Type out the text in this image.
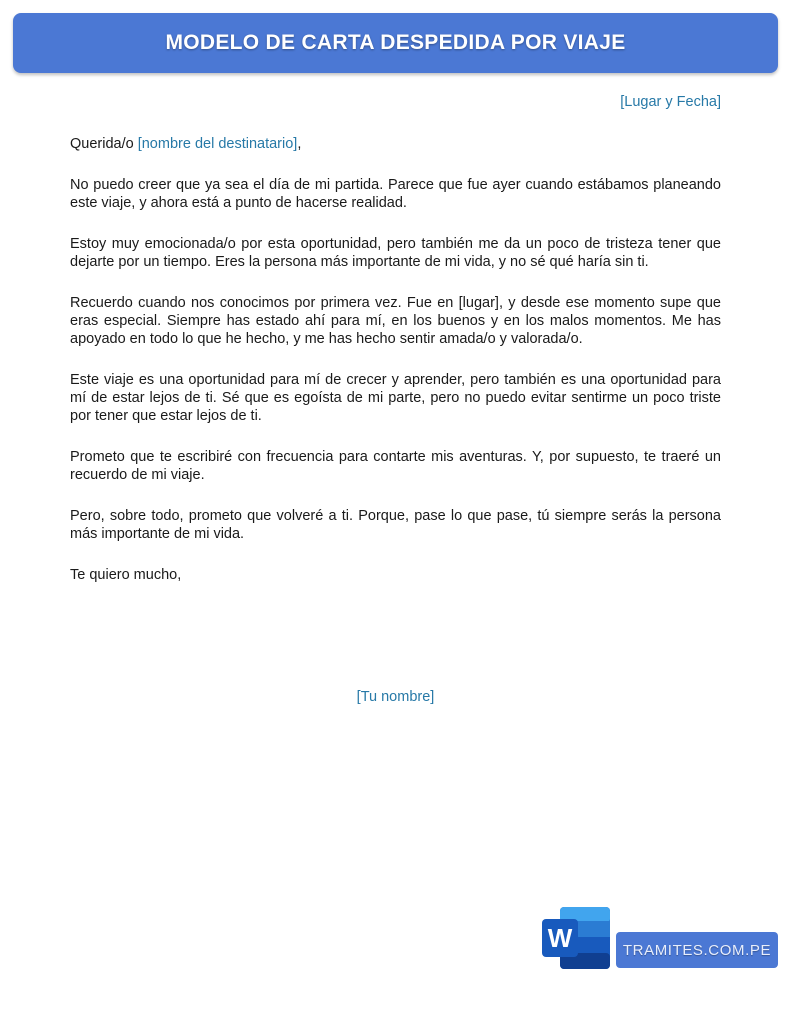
MODELO DE CARTA DESPEDIDA POR VIAJE
[Lugar y Fecha]
Querida/o [nombre del destinatario],

No puedo creer que ya sea el día de mi partida. Parece que fue ayer cuando estábamos planeando este viaje, y ahora está a punto de hacerse realidad.

Estoy muy emocionada/o por esta oportunidad, pero también me da un poco de tristeza tener que dejarte por un tiempo. Eres la persona más importante de mi vida, y no sé qué haría sin ti.

Recuerdo cuando nos conocimos por primera vez. Fue en [lugar], y desde ese momento supe que eras especial. Siempre has estado ahí para mí, en los buenos y en los malos momentos. Me has apoyado en todo lo que he hecho, y me has hecho sentir amada/o y valorada/o.

Este viaje es una oportunidad para mí de crecer y aprender, pero también es una oportunidad para mí de estar lejos de ti. Sé que es egoísta de mi parte, pero no puedo evitar sentirme un poco triste por tener que estar lejos de ti.

Prometo que te escribiré con frecuencia para contarte mis aventuras. Y, por supuesto, te traeré un recuerdo de mi viaje.

Pero, sobre todo, prometo que volveré a ti. Porque, pase lo que pase, tú siempre serás la persona más importante de mi vida.

Te quiero mucho,
[Tu nombre]
W	TRAMITES.COM.PE
